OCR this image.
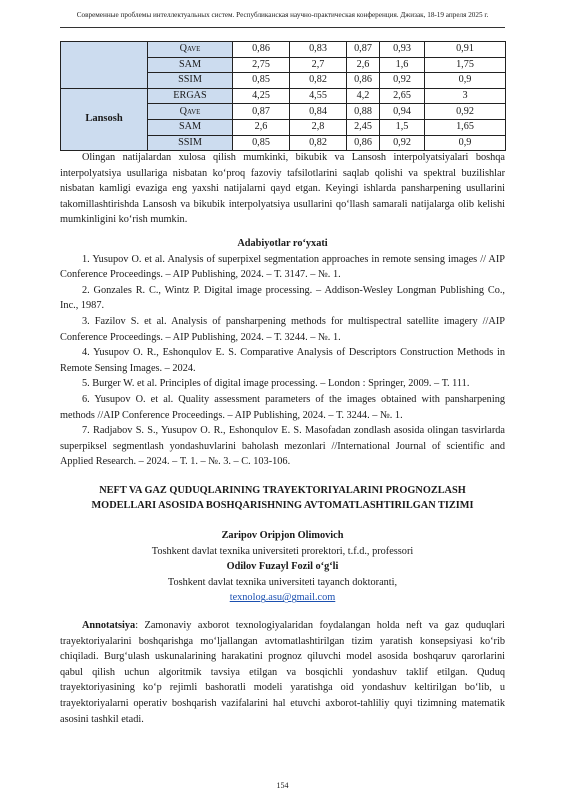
Современные проблемы интеллектуальных систем. Республиканская научно-практическая конференция. Джизак, 18-19 апреля 2025 г.
	QAVE	0,86	0,83	0,87	0,93	0,91
	SAM	2,75	2,7	2,6	1,6	1,75
	SSIM	0,85	0,82	0,86	0,92	0,9
Lansosh	ERGAS	4,25	4,55	4,2	2,65	3
	QAVE	0,87	0,84	0,88	0,94	0,92
	SAM	2,6	2,8	2,45	1,5	1,65
	SSIM	0,85	0,82	0,86	0,92	0,9

Olingan natijalardan xulosa qilish mumkinki, bikubik va Lansosh interpolyatsiyalari boshqa interpolyatsiya usullariga nisbatan ko‘proq fazoviy tafsilotlarini saqlab qolishi va spektral buzilishlar nisbatan kamligi evaziga eng yaxshi natijalarni qayd etgan. Keyingi ishlarda pansharpening usullarini takomillashtirishda Lansosh va bikubik interpolyatsiya usullarini qo‘llash samarali natijalarga olib kelishi mumkinligini ko‘rish mumkin.

Adabiyotlar ro‘yxati

1. Yusupov O. et al. Analysis of superpixel segmentation approaches in remote sensing images // AIP Conference Proceedings. – AIP Publishing, 2024. – Т. 3147. – №. 1.

2. Gonzales R. C., Wintz P. Digital image processing. – Addison-Wesley Longman Publishing Co., Inc., 1987.

3. Fazilov S. et al. Analysis of pansharpening methods for multispectral satellite imagery //AIP Conference Proceedings. – AIP Publishing, 2024. – Т. 3244. – №. 1.

4. Yusupov O. R., Eshonqulov E. S. Comparative Analysis of Descriptors Construction Methods in Remote Sensing Images. – 2024.

5. Burger W. et al. Principles of digital image processing. – London : Springer, 2009. – Т. 111.

6. Yusupov O. et al. Quality assessment parameters of the images obtained with pansharpening methods //AIP Conference Proceedings. – AIP Publishing, 2024. – Т. 3244. – №. 1.

7. Radjabov S. S., Yusupov O. R., Eshonqulov E. S. Masofadan zondlash asosida olingan tasvirlarda superpiksel segmentlash yondashuvlarini baholash mezonlari //International Journal of scientific and Applied Research. – 2024. – Т. 1. – №. 3. – С. 103-106.

NEFT VA GAZ QUDUQLARINING TRAYEKTORIYALARINI PROGNOZLASH

MODELLARI ASOSIDA BOSHQARISHNING AVTOMATLASHTIRILGAN TIZIMI

Zaripov Oripjon Olimovich

Toshkent davlat texnika universiteti prorektori, t.f.d., professori

Odilov Fuzayl Fozil o‘g‘li

Toshkent davlat texnika universiteti tayanch doktoranti,

texnolog.asu@gmail.com

Annotatsiya: Zamonaviy axborot texnologiyalaridan foydalangan holda neft va gaz quduqlari trayektoriyalarini boshqarishga mo‘ljallangan avtomatlashtirilgan tizim yaratish konsepsiyasi ko‘rib chiqiladi. Burg‘ulash uskunalarining harakatini prognoz qiluvchi model asosida boshqaruv qarorlarini qabul qilish uchun algoritmik tavsiya etilgan va bosqichli yondashuv taklif etilgan. Quduq trayektoriyasining ko‘p rejimli bashoratli modeli yaratishga oid yondashuv keltirilgan bo‘lib, u trayektoriyalarni operativ boshqarish vazifalarini hal etuvchi axborot-tahliliy quyi tizimning matematik asosini tashkil etadi.

154
